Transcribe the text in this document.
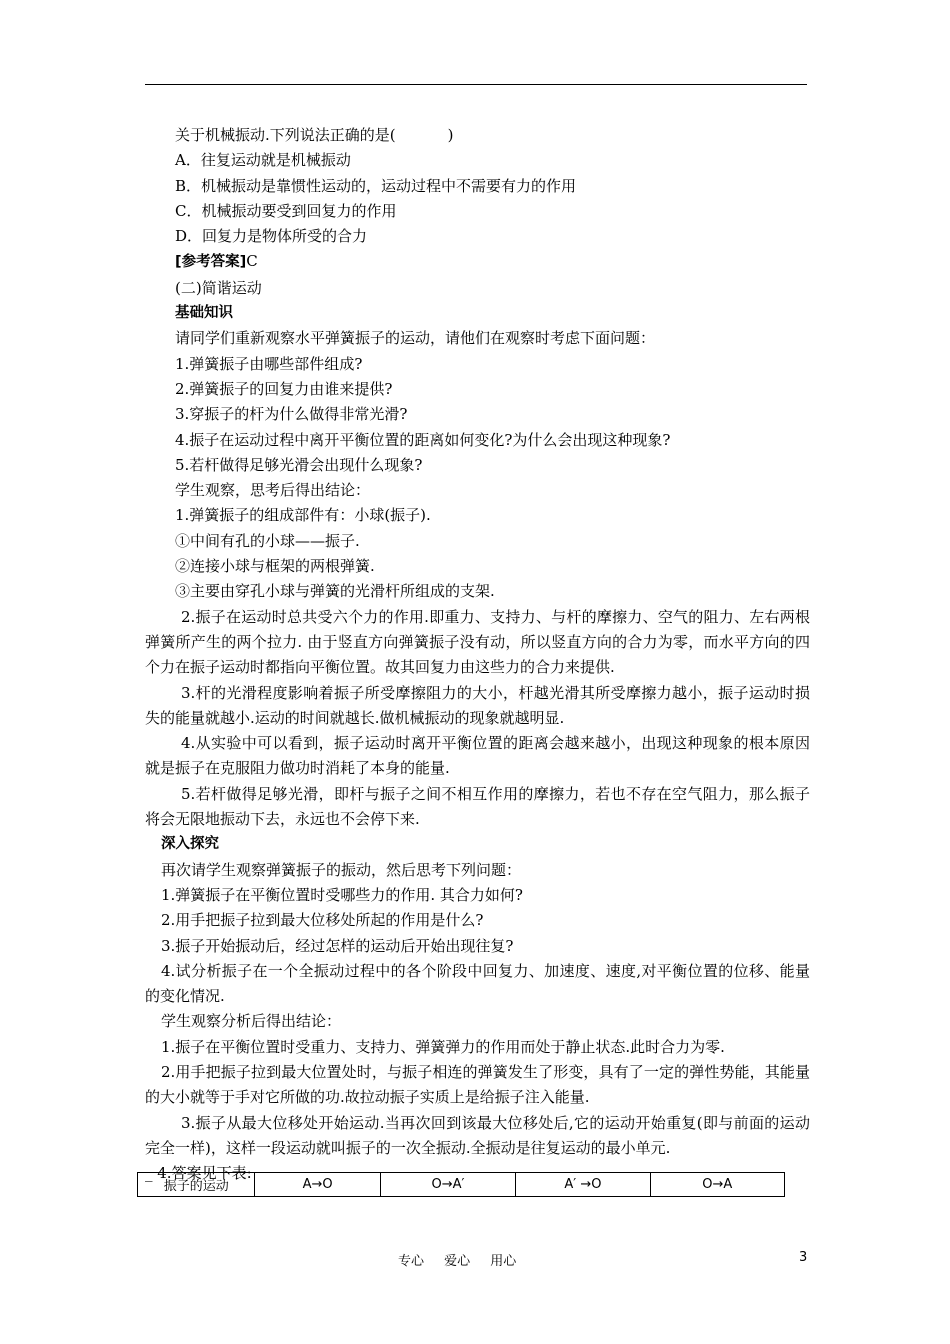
关于机械振动.下列说法正确的是(	)

A．往复运动就是机械振动

B．机械振动是靠惯性运动的，运动过程中不需要有力的作用

C．机械振动要受到回复力的作用

D．回复力是物体所受的合力

[参考答案]C

(二)简谐运动

基础知识

请同学们重新观察水平弹簧振子的运动，请他们在观察时考虑下面问题：

1.弹簧振子由哪些部件组成?

2.弹簧振子的回复力由谁来提供?

3.穿振子的杆为什么做得非常光滑?

4.振子在运动过程中离开平衡位置的距离如何变化?为什么会出现这种现象?

5.若杆做得足够光滑会出现什么现象?

学生观察，思考后得出结论：

1.弹簧振子的组成部件有：小球(振子).

①中间有孔的小球——振子.

②连接小球与框架的两根弹簧.

③主要由穿孔小球与弹簧的光滑杆所组成的支架.

2.振子在运动时总共受六个力的作用.即重力、支持力、与杆的摩擦力、空气的阻力、左右两根弹簧所产生的两个拉力. 由于竖直方向弹簧振子没有动，所以竖直方向的合力为零，而水平方向的四个力在振子运动时都指向平衡位置。故其回复力由这些力的合力来提供.

3.杆的光滑程度影响着振子所受摩擦阻力的大小，杆越光滑其所受摩擦力越小，振子运动时损失的能量就越小.运动的时间就越长.做机械振动的现象就越明显.

4.从实验中可以看到，振子运动时离开平衡位置的距离会越来越小，出现这种现象的根本原因就是振子在克服阻力做功时消耗了本身的能量.

5.若杆做得足够光滑，即杆与振子之间不相互作用的摩擦力，若也不存在空气阻力，那么振子将会无限地振动下去，永远也不会停下来.

深入探究

再次请学生观察弹簧振子的振动，然后思考下列问题：

1.弹簧振子在平衡位置时受哪些力的作用. 其合力如何?

2.用手把振子拉到最大位移处所起的作用是什么?

3.振子开始振动后，经过怎样的运动后开始出现往复?

4.试分析振子在一个全振动过程中的各个阶段中回复力、加速度、速度,对平衡位置的位移、能量的变化情况.

学生观察分析后得出结论：

1.振子在平衡位置时受重力、支持力、弹簧弹力的作用而处于静止状态.此时合力为零.

2.用手把振子拉到最大位置处时，与振子相连的弹簧发生了形变，具有了一定的弹性势能，其能量的大小就等于手对它所做的功.故拉动振子实质上是给振子注入能量.

3.振子从最大位移处开始运动.当再次回到该最大位移处后,它的运动开始重复(即与前面的运动完全一样)，这样一段运动就叫振子的一次全振动.全振动是往复运动的最小单元.

_ 4.答案见下表:

振子的运动	A→O	O→A′	A′ →O	O→A
专心 爱心 用心	3
